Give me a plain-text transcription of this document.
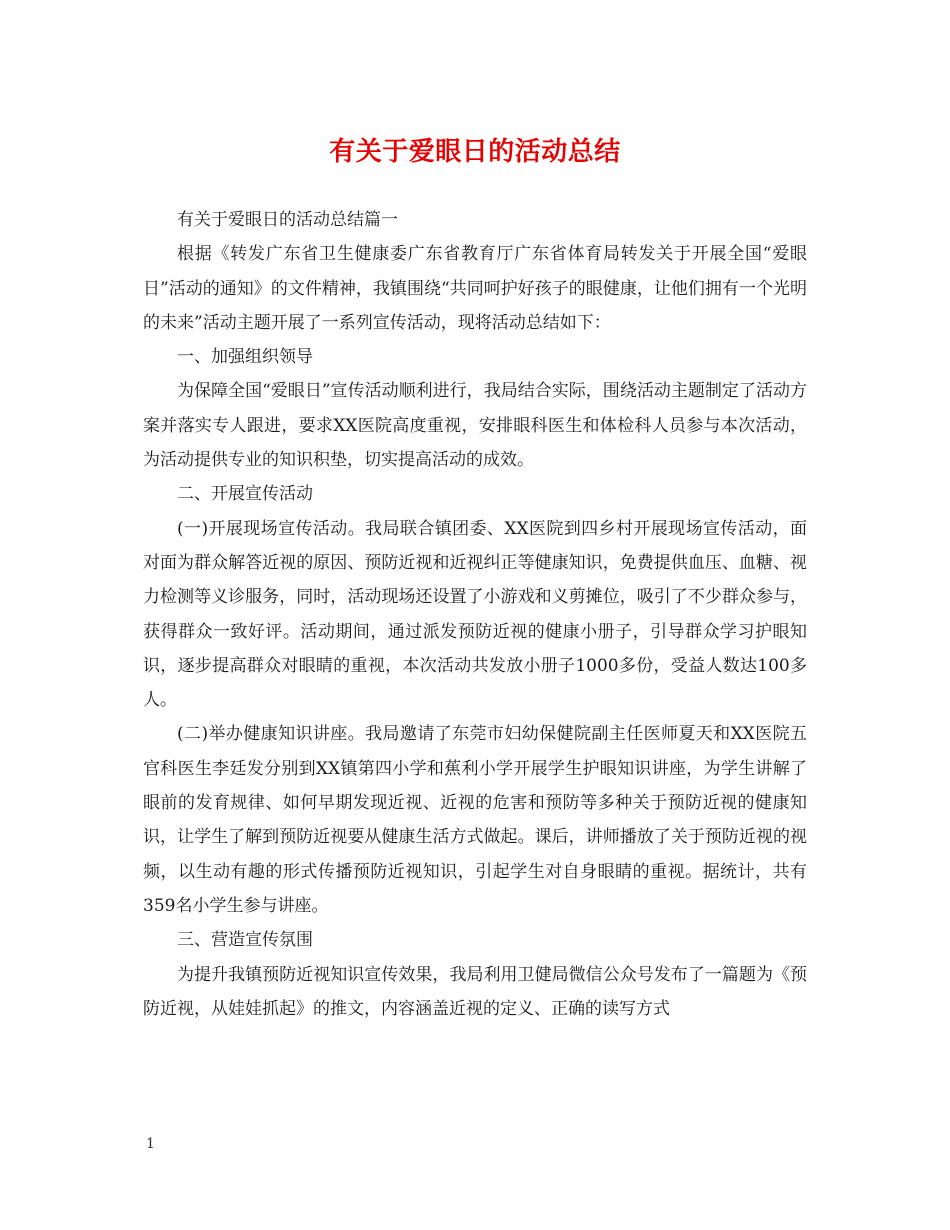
有关于爱眼日的活动总结

有关于爱眼日的活动总结篇一

根据《转发广东省卫生健康委广东省教育厅广东省体育局转发关于开展全国“爱眼日”活动的通知》的文件精神，我镇围绕“共同呵护好孩子的眼健康，让他们拥有一个光明的未来”活动主题开展了一系列宣传活动，现将活动总结如下：

一、加强组织领导

为保障全国“爱眼日”宣传活动顺利进行，我局结合实际，围绕活动主题制定了活动方案并落实专人跟进，要求XX医院高度重视，安排眼科医生和体检科人员参与本次活动，为活动提供专业的知识积垫，切实提高活动的成效。

二、开展宣传活动

(一)开展现场宣传活动。我局联合镇团委、XX医院到四乡村开展现场宣传活动，面对面为群众解答近视的原因、预防近视和近视纠正等健康知识，免费提供血压、血糖、视力检测等义诊服务，同时，活动现场还设置了小游戏和义剪摊位，吸引了不少群众参与，获得群众一致好评。活动期间，通过派发预防近视的健康小册子，引导群众学习护眼知识，逐步提高群众对眼睛的重视，本次活动共发放小册子1000多份，受益人数达100多人。

(二)举办健康知识讲座。我局邀请了东莞市妇幼保健院副主任医师夏天和XX医院五官科医生李廷发分别到XX镇第四小学和蕉利小学开展学生护眼知识讲座，为学生讲解了眼前的发育规律、如何早期发现近视、近视的危害和预防等多种关于预防近视的健康知识，让学生了解到预防近视要从健康生活方式做起。课后，讲师播放了关于预防近视的视频，以生动有趣的形式传播预防近视知识，引起学生对自身眼睛的重视。据统计，共有359名小学生参与讲座。

三、营造宣传氛围

为提升我镇预防近视知识宣传效果，我局利用卫健局微信公众号发布了一篇题为《预防近视，从娃娃抓起》的推文，内容涵盖近视的定义、正确的读写方式

1
